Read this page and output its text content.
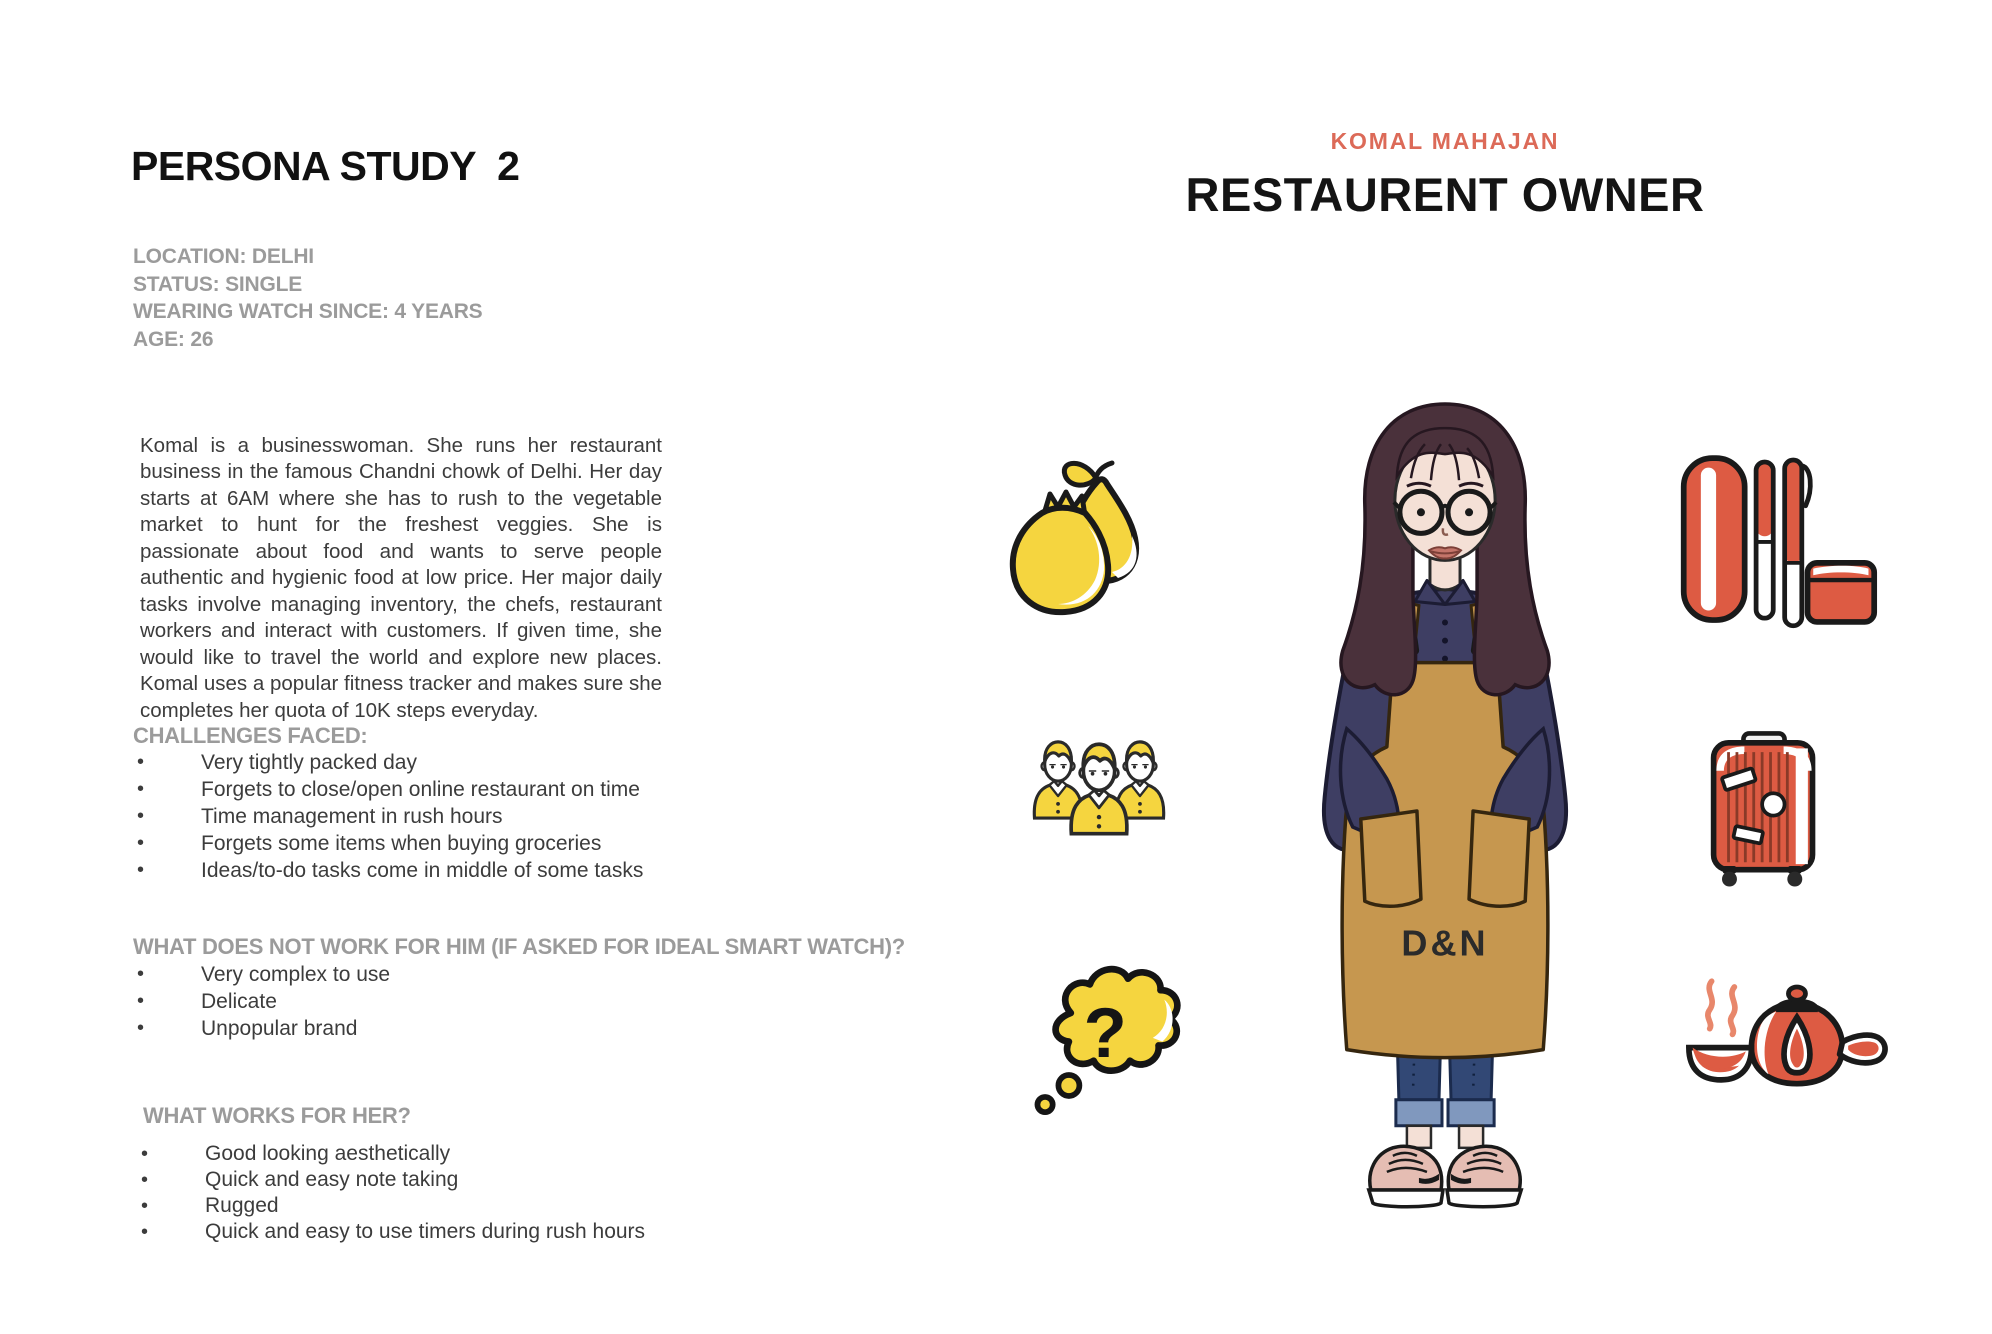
PERSONA STUDY  2
LOCATION: DELHI
STATUS: SINGLE
WEARING WATCH SINCE: 4 YEARS
AGE: 26

Komal is a businesswoman. She runs her restaurant business in the famous Chandni chowk of Delhi. Her day starts at 6AM where she has to rush to the vegetable market to hunt for the freshest veggies. She is passionate about food and wants to serve people authentic and hygienic food at low price. Her major daily tasks involve managing inventory, the chefs, restaurant workers and interact with customers. If given time, she would like to travel the world and explore new places. Komal uses a popular fitness tracker and makes sure she completes her quota of 10K steps everyday.

CHALLENGES FACED:
• Very tightly packed day
• Forgets to close/open online restaurant on time
• Time management in rush hours
• Forgets some items when buying groceries
• Ideas/to-do tasks come in middle of some tasks
WHAT DOES NOT WORK FOR HIM (IF ASKED FOR IDEAL SMART WATCH)?
• Very complex to use
• Delicate
• Unpopular brand
WHAT WORKS FOR HER?
• Good looking aesthetically
• Quick and easy note taking
• Rugged
• Quick and easy to use timers during rush hours
KOMAL MAHAJAN
RESTAURENT OWNER
?
D&N
